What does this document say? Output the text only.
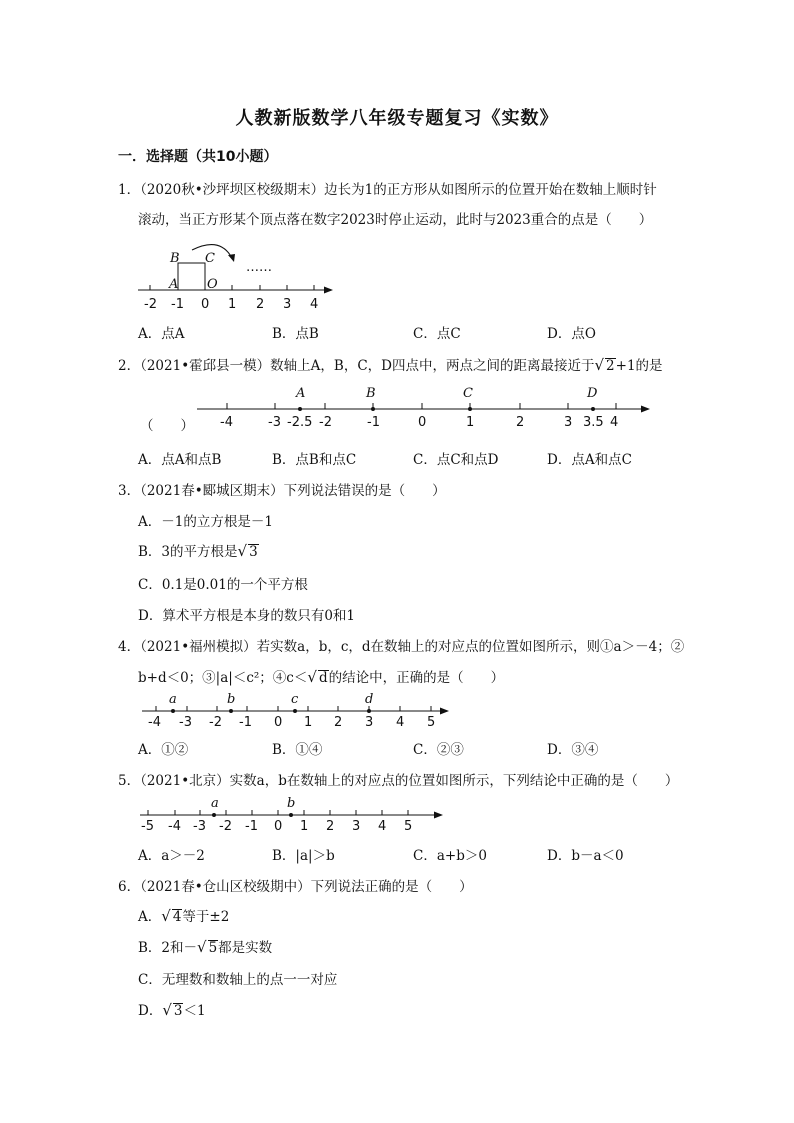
人教新版数学八年级专题复习《实数》
一．选择题（共10小题）
1．（2020秋•沙坪坝区校级期末）边长为1的正方形从如图所示的位置开始在数轴上顺时针
滚动，当正方形某个顶点落在数字2023时停止运动，此时与2023重合的点是（　　）
B C
A O
……
-2 -1 0 1 2 3 4
A．点A	B．点B	C．点C	D．点O
2．（2021•霍邱县一模）数轴上A，B，C，D四点中，两点之间的距离最接近于√ 2+1的是
（　　）
A	B	C	D
-4	-3 -2.5 -2	-1	0	1	2	3 3.5 4
A．点A和点B	B．点B和点C	C．点C和点D	D．点A和点C
3．（2021春•郾城区期末）下列说法错误的是（　　）
A．－1的立方根是－1
B．3的平方根是√ 3
C．0.1是0.01的一个平方根
D．算术平方根是本身的数只有0和1
4．（2021•福州模拟）若实数a，b，c，d在数轴上的对应点的位置如图所示，则①a＞－4；②
b+d＜0；③|a|＜c²；④c＜√ d的结论中，正确的是（　　）
a	b	c	d
-4 -3 -2 -1 0 1 2 3 4 5
A．①②	B．①④	C．②③	D．③④
5．（2021•北京）实数a，b在数轴上的对应点的位置如图所示，下列结论中正确的是（　　）
a	b
-5 -4 -3 -2 -1 0 1 2 3 4 5
A．a＞－2	B．|a|＞b	C．a+b＞0	D．b－a＜0
6．（2021春•仓山区校级期中）下列说法正确的是（　　）
A．√ 4等于±2
B．2和－√ 5都是实数
C．无理数和数轴上的点一一对应
D．√ 3＜1
